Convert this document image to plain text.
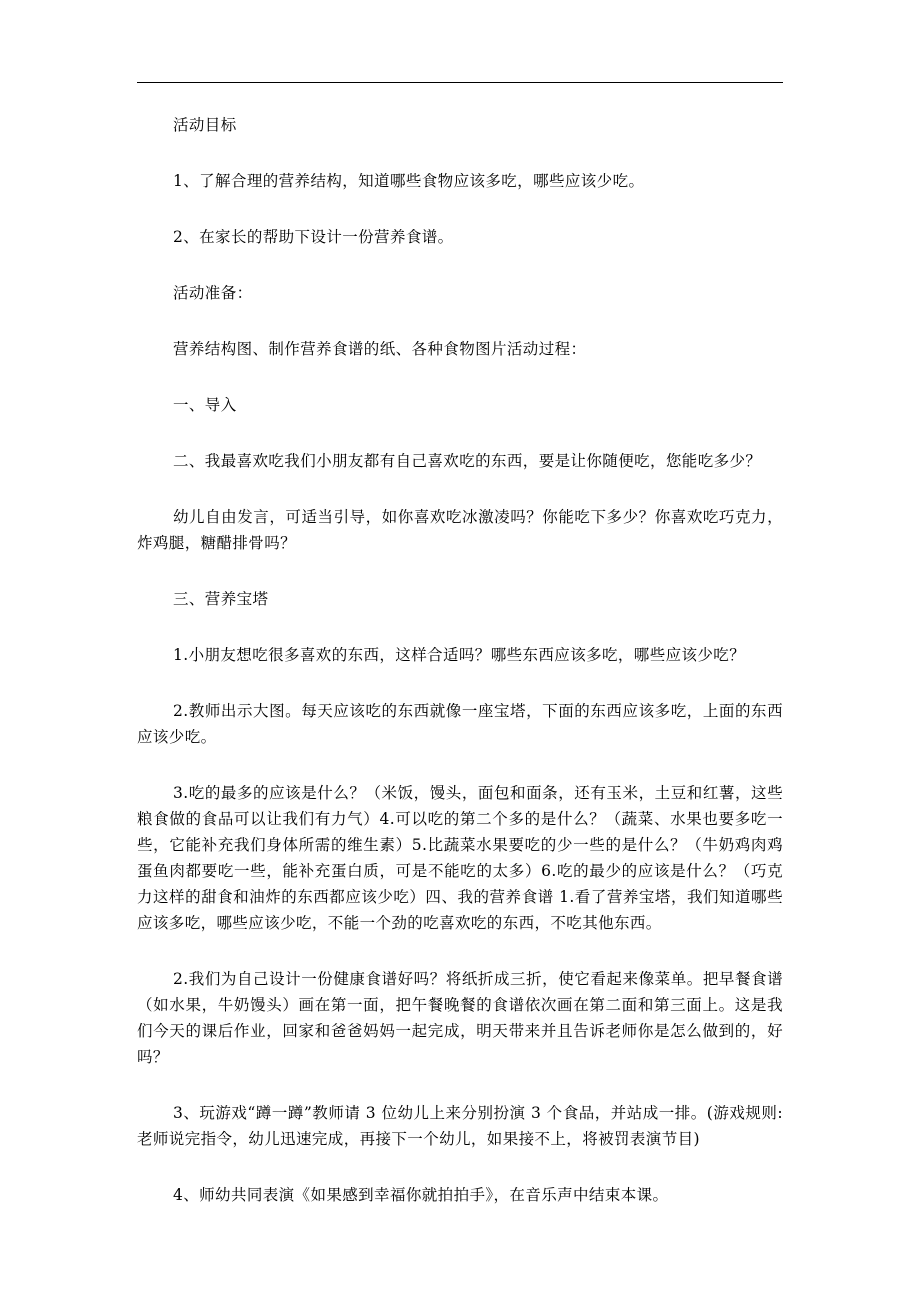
活动目标

1、了解合理的营养结构，知道哪些食物应该多吃，哪些应该少吃。

2、在家长的帮助下设计一份营养食谱。

活动准备：

营养结构图、制作营养食谱的纸、各种食物图片活动过程：

一、导入

二、我最喜欢吃我们小朋友都有自己喜欢吃的东西，要是让你随便吃，您能吃多少？

幼儿自由发言，可适当引导，如你喜欢吃冰激凌吗？你能吃下多少？你喜欢吃巧克力，炸鸡腿，糖醋排骨吗？

三、营养宝塔

1.小朋友想吃很多喜欢的东西，这样合适吗？哪些东西应该多吃，哪些应该少吃？

2.教师出示大图。每天应该吃的东西就像一座宝塔，下面的东西应该多吃，上面的东西应该少吃。

3.吃的最多的应该是什么？（米饭，馒头，面包和面条，还有玉米，土豆和红薯，这些粮食做的食品可以让我们有力气）4.可以吃的第二个多的是什么？（蔬菜、水果也要多吃一些，它能补充我们身体所需的维生素）5.比蔬菜水果要吃的少一些的是什么？（牛奶鸡肉鸡蛋鱼肉都要吃一些，能补充蛋白质，可是不能吃的太多）6.吃的最少的应该是什么？（巧克力这样的甜食和油炸的东西都应该少吃）四、我的营养食谱 1.看了营养宝塔，我们知道哪些应该多吃，哪些应该少吃，不能一个劲的吃喜欢吃的东西，不吃其他东西。

2.我们为自己设计一份健康食谱好吗？将纸折成三折，使它看起来像菜单。把早餐食谱（如水果，牛奶馒头）画在第一面，把午餐晚餐的食谱依次画在第二面和第三面上。这是我们今天的课后作业，回家和爸爸妈妈一起完成，明天带来并且告诉老师你是怎么做到的，好吗？

3、玩游戏“蹲一蹲”教师请 3 位幼儿上来分别扮演 3 个食品，并站成一排。(游戏规则:老师说完指令，幼儿迅速完成，再接下一个幼儿，如果接不上，将被罚表演节目)

4、师幼共同表演《如果感到幸福你就拍拍手》，在音乐声中结束本课。
